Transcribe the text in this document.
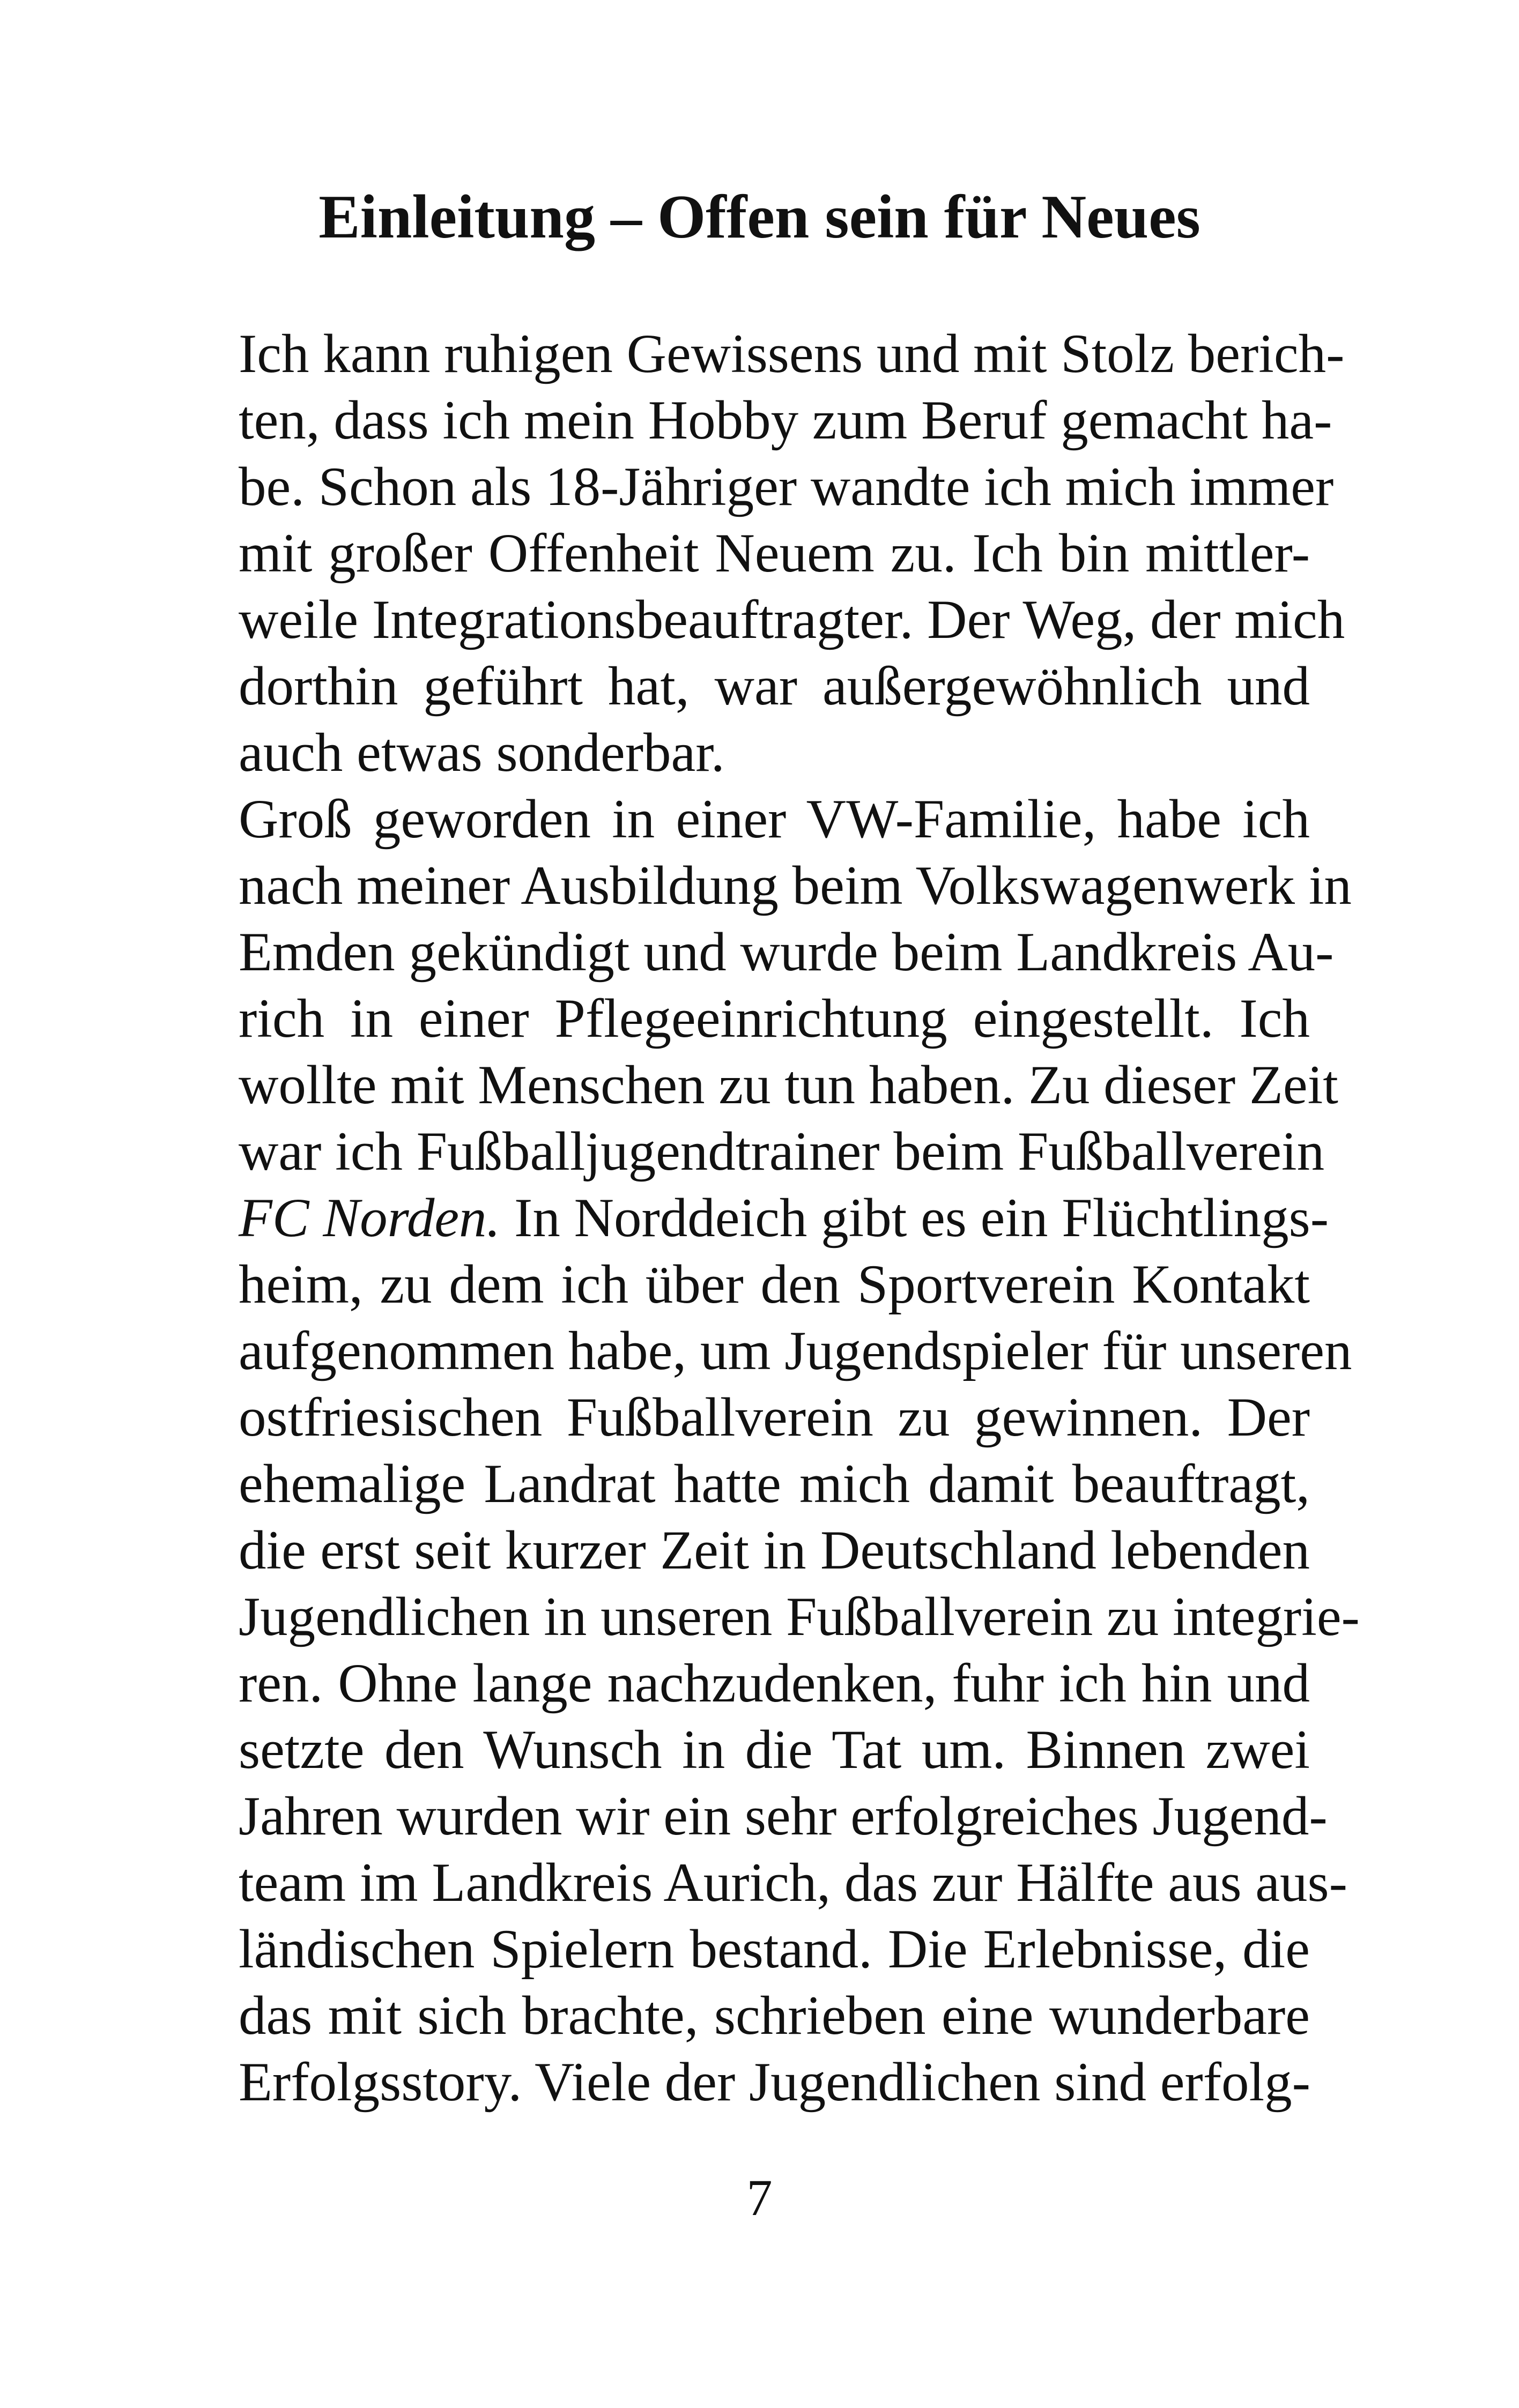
Einleitung – Offen sein für Neues
Ich kann ruhigen Gewissens und mit Stolz berich-
ten, dass ich mein Hobby zum Beruf gemacht ha-
be. Schon als 18-Jähriger wandte ich mich immer
mit großer Offenheit Neuem zu. Ich bin mittler-
weile Integrationsbeauftragter. Der Weg, der mich
dorthin geführt hat, war außergewöhnlich und
auch etwas sonderbar.
Groß geworden in einer VW-Familie, habe ich
nach meiner Ausbildung beim Volkswagenwerk in
Emden gekündigt und wurde beim Landkreis Au-
rich in einer Pflegeeinrichtung eingestellt. Ich
wollte mit Menschen zu tun haben. Zu dieser Zeit
war ich Fußballjugendtrainer beim Fußballverein
FC Norden. In Norddeich gibt es ein Flüchtlings-
heim, zu dem ich über den Sportverein Kontakt
aufgenommen habe, um Jugendspieler für unseren
ostfriesischen Fußballverein zu gewinnen. Der
ehemalige Landrat hatte mich damit beauftragt,
die erst seit kurzer Zeit in Deutschland lebenden
Jugendlichen in unseren Fußballverein zu integrie-
ren. Ohne lange nachzudenken, fuhr ich hin und
setzte den Wunsch in die Tat um. Binnen zwei
Jahren wurden wir ein sehr erfolgreiches Jugend-
team im Landkreis Aurich, das zur Hälfte aus aus-
ländischen Spielern bestand. Die Erlebnisse, die
das mit sich brachte, schrieben eine wunderbare
Erfolgsstory. Viele der Jugendlichen sind erfolg-
7
